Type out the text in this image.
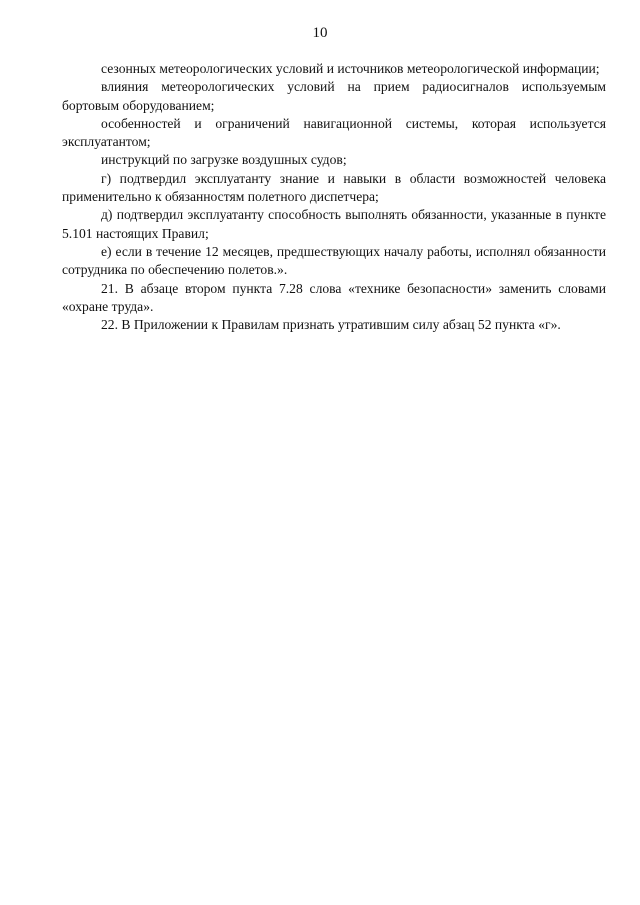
10

сезонных метеорологических условий и источников метеорологической информации;

влияния метеорологических условий на прием радиосигналов используемым бортовым оборудованием;

особенностей и ограничений навигационной системы, которая используется эксплуатантом;

инструкций по загрузке воздушных судов;

г) подтвердил эксплуатанту знание и навыки в области возможностей человека применительно к обязанностям полетного диспетчера;

д) подтвердил эксплуатанту способность выполнять обязанности, указанные в пункте 5.101 настоящих Правил;

е) если в течение 12 месяцев, предшествующих началу работы, исполнял обязанности сотрудника по обеспечению полетов.».

21. В абзаце втором пункта 7.28 слова «технике безопасности» заменить словами «охране труда».

22. В Приложении к Правилам признать утратившим силу абзац 52 пункта «г».
